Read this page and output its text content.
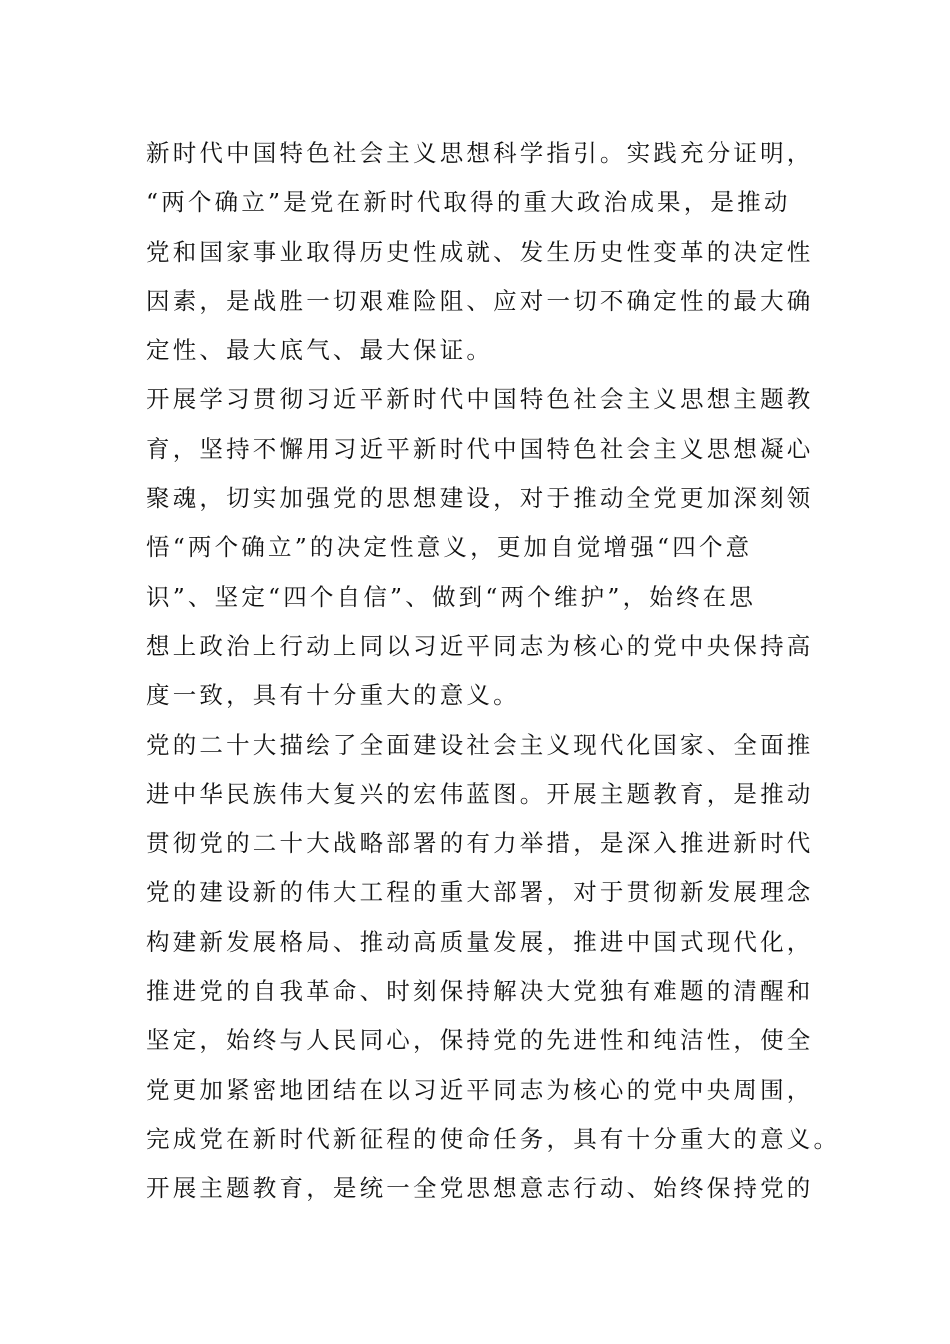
新时代中国特色社会主义思想科学指引。实践充分证明，
“两个确立”是党在新时代取得的重大政治成果，是推动
党和国家事业取得历史性成就、发生历史性变革的决定性
因素，是战胜一切艰难险阻、应对一切不确定性的最大确
定性、最大底气、最大保证。
开展学习贯彻习近平新时代中国特色社会主义思想主题教
育，坚持不懈用习近平新时代中国特色社会主义思想凝心
聚魂，切实加强党的思想建设，对于推动全党更加深刻领
悟“两个确立”的决定性意义，更加自觉增强“四个意
识”、坚定“四个自信”、做到“两个维护”，始终在思
想上政治上行动上同以习近平同志为核心的党中央保持高
度一致，具有十分重大的意义。
党的二十大描绘了全面建设社会主义现代化国家、全面推
进中华民族伟大复兴的宏伟蓝图。开展主题教育，是推动
贯彻党的二十大战略部署的有力举措，是深入推进新时代
党的建设新的伟大工程的重大部署，对于贯彻新发展理念
构建新发展格局、推动高质量发展，推进中国式现代化，
推进党的自我革命、时刻保持解决大党独有难题的清醒和
坚定，始终与人民同心，保持党的先进性和纯洁性，使全
党更加紧密地团结在以习近平同志为核心的党中央周围，
完成党在新时代新征程的使命任务，具有十分重大的意义。
开展主题教育，是统一全党思想意志行动、始终保持党的
